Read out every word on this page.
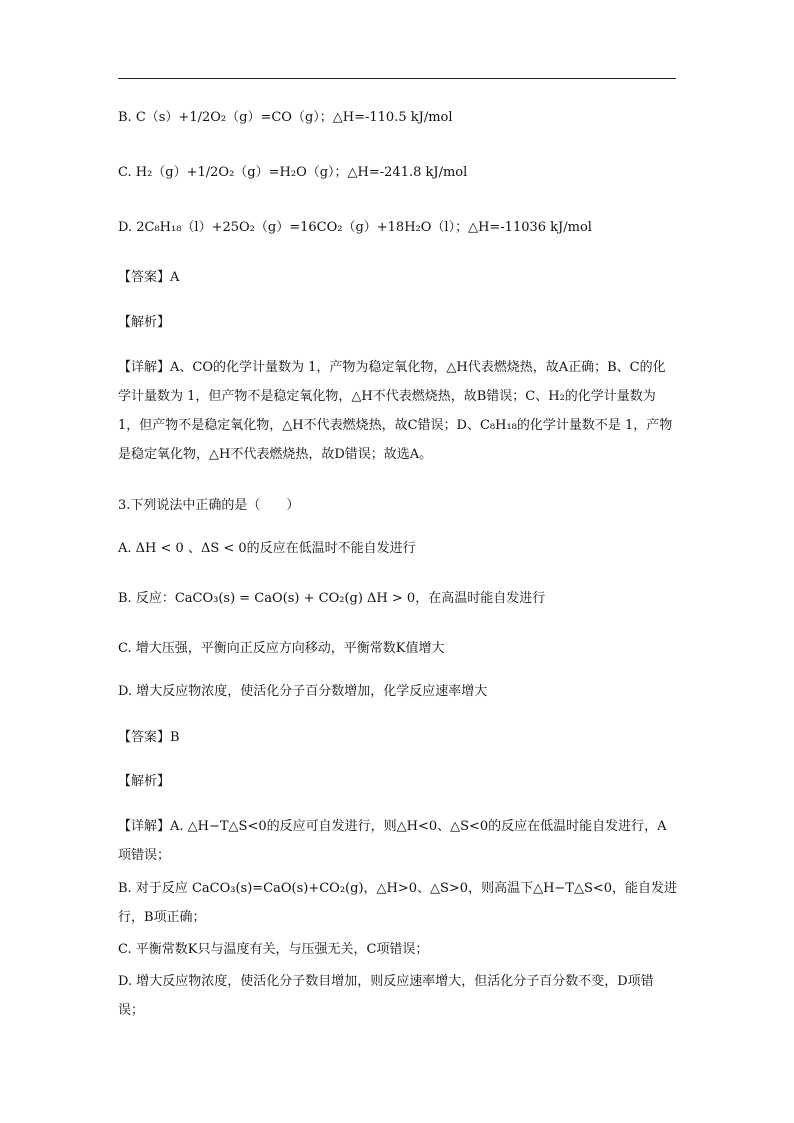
B. C（s）+1/2O₂（g）=CO（g）；△H=-110.5 kJ/mol
C. H₂（g）+1/2O₂（g）=H₂O（g）；△H=-241.8 kJ/mol
D. 2C₈H₁₈（l）+25O₂（g）=16CO₂（g）+18H₂O（l）；△H=-11036 kJ/mol
【答案】A
【解析】
【详解】A、CO的化学计量数为 1，产物为稳定氧化物，△H代表燃烧热，故A正确；B、C的化学计量数为 1，但产物不是稳定氧化物，△H不代表燃烧热，故B错误；C、H₂的化学计量数为 1，但产物不是稳定氧化物，△H不代表燃烧热，故C错误；D、C₈H₁₈的化学计量数不是 1，产物是稳定氧化物，△H不代表燃烧热，故D错误；故选A。
3.下列说法中正确的是（　　）
A. ΔH < 0 、ΔS < 0的反应在低温时不能自发进行
B. 反应：CaCO₃(s) = CaO(s) + CO₂(g) ΔH > 0，在高温时能自发进行
C. 增大压强，平衡向正反应方向移动，平衡常数K值增大
D. 增大反应物浓度，使活化分子百分数增加，化学反应速率增大
【答案】B
【解析】
【详解】A. △H−T△S<0的反应可自发进行，则△H<0、△S<0的反应在低温时能自发进行，A项错误；
B. 对于反应 CaCO₃(s)=CaO(s)+CO₂(g)，△H>0、△S>0，则高温下△H−T△S<0，能自发进行，B项正确；
C. 平衡常数K只与温度有关，与压强无关，C项错误；
D. 增大反应物浓度，使活化分子数目增加，则反应速率增大，但活化分子百分数不变，D项错误；
